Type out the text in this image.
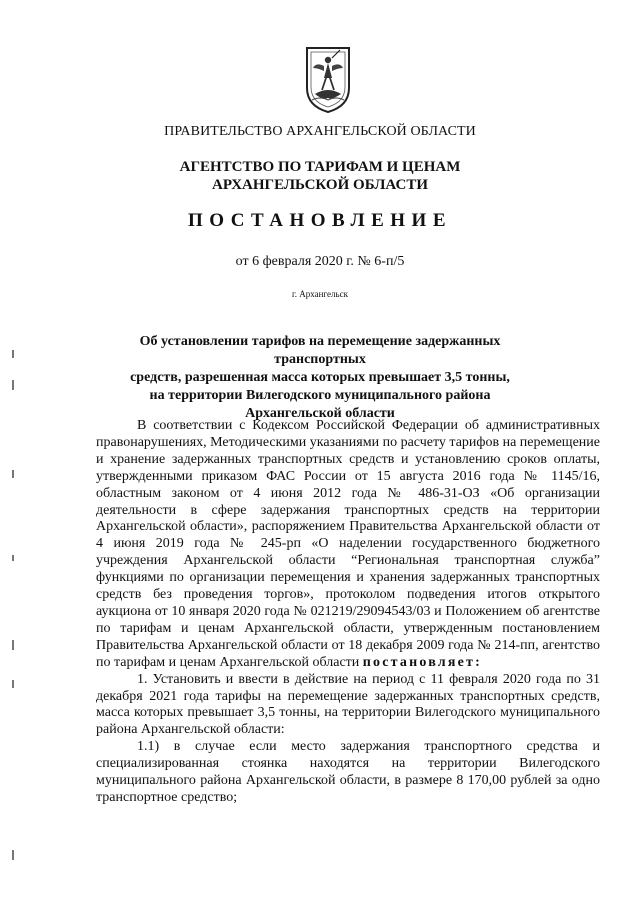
ПРАВИТЕЛЬСТВО АРХАНГЕЛЬСКОЙ ОБЛАСТИ
АГЕНТСТВО ПО ТАРИФАМ И ЦЕНАМ
АРХАНГЕЛЬСКОЙ ОБЛАСТИ
ПОСТАНОВЛЕНИЕ
от 6 февраля 2020 г. № 6-п/5
г. Архангельск
Об установлении тарифов на перемещение задержанных транспортных
средств, разрешенная масса которых превышает 3,5 тонны,
на территории Вилегодского муниципального района
Архангельской области

В соответствии с Кодексом Российской Федерации об административных правонарушениях, Методическими указаниями по расчету тарифов на перемещение и хранение задержанных транспортных средств и установлению сроков оплаты, утвержденными приказом ФАС России от 15 августа 2016 года № 1145/16, областным законом от 4 июня 2012 года № 486-31-ОЗ «Об организации деятельности в сфере задержания транспортных средств на территории Архангельской области», распоряжением Правительства Архангельской области от 4 июня 2019 года № 245-рп «О наделении государственного бюджетного учреждения Архангельской области “Региональная транспортная служба” функциями по организации перемещения и хранения задержанных транспортных средств без проведения торгов», протоколом подведения итогов открытого аукциона от 10 января 2020 года № 021219/29094543/03 и Положением об агентстве по тарифам и ценам Архангельской области, утвержденным постановлением Правительства Архангельской области от 18 декабря 2009 года № 214-пп, агентство по тарифам и ценам Архангельской области постановляет:

1. Установить и ввести в действие на период с 11 февраля 2020 года по 31 декабря 2021 года тарифы на перемещение задержанных транспортных средств, масса которых превышает 3,5 тонны, на территории Вилегодского муниципального района Архангельской области:

1.1) в случае если место задержания транспортного средства и специализированная стоянка находятся на территории Вилегодского муниципального района Архангельской области, в размере 8 170,00 рублей за одно транспортное средство;
